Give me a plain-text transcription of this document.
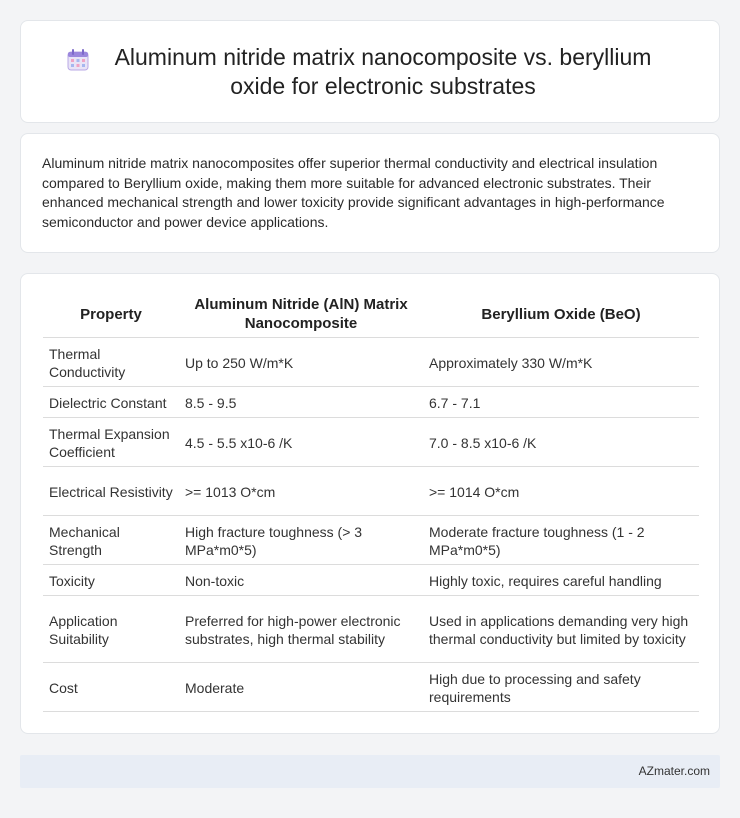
Aluminum nitride matrix nanocomposite vs. beryllium oxide for electronic substrates

Aluminum nitride matrix nanocomposites offer superior thermal conductivity and electrical insulation compared to Beryllium oxide, making them more suitable for advanced electronic substrates. Their enhanced mechanical strength and lower toxicity provide significant advantages in high-performance semiconductor and power device applications.

Property	Aluminum Nitride (AlN) Matrix Nanocomposite	Beryllium Oxide (BeO)
Thermal Conductivity	Up to 250 W/m*K	Approximately 330 W/m*K
Dielectric Constant	8.5 - 9.5	6.7 - 7.1
Thermal Expansion Coefficient	4.5 - 5.5 x10-6 /K	7.0 - 8.5 x10-6 /K
Electrical Resistivity	>= 1013 O*cm	>= 1014 O*cm
Mechanical Strength	High fracture toughness (> 3 MPa*m0*5)	Moderate fracture toughness (1 - 2 MPa*m0*5)
Toxicity	Non-toxic	Highly toxic, requires careful handling
Application Suitability	Preferred for high-power electronic substrates, high thermal stability	Used in applications demanding very high thermal conductivity but limited by toxicity
Cost	Moderate	High due to processing and safety requirements
AZmater.com
